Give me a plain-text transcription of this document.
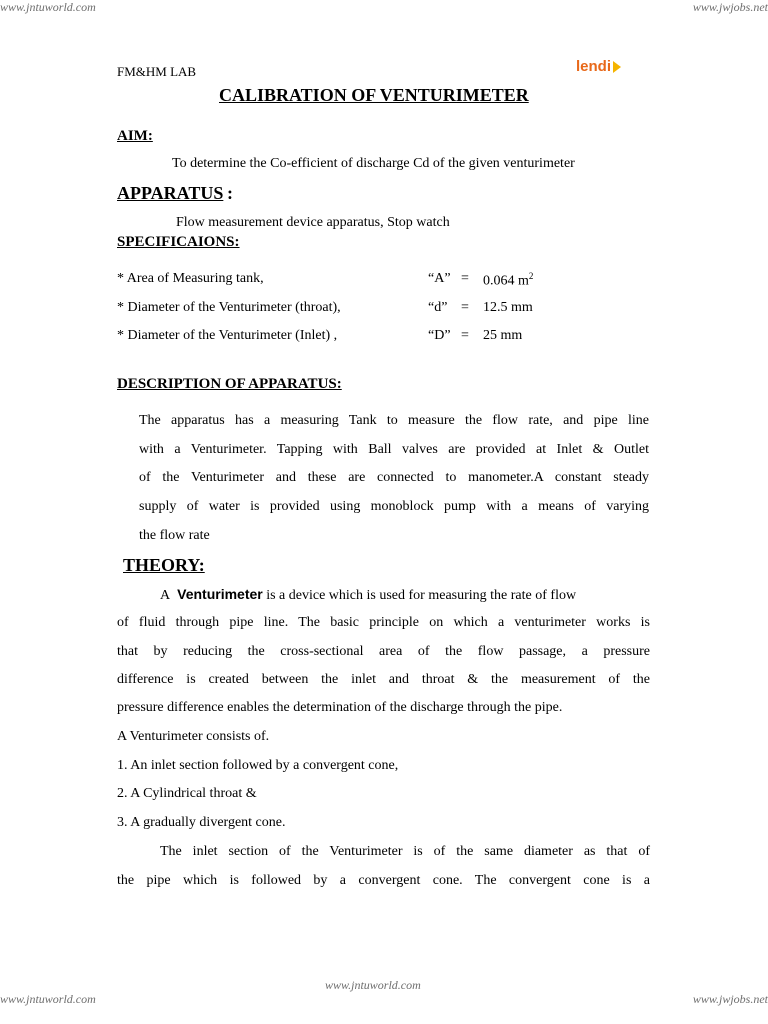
www.jntuworld.com	www.jwjobs.net
www.jntuworld.com
www.jntuworld.com	www.jwjobs.net
FM&HM LAB	lendi
CALIBRATION OF VENTURIMETER
AIM:
To determine the Co-efficient of discharge Cd of the given venturimeter
APPARATUS :
Flow measurement device apparatus, Stop watch
SPECIFICAIONS:
* Area of Measuring tank,	“A” = 0.064 $m^2$
* Diameter of the Venturimeter (throat),	“d” = 12.5 mm
* Diameter of the Venturimeter (Inlet) ,	“D” = 25 mm
DESCRIPTION OF APPARATUS:
The apparatus has a measuring Tank to measure the flow rate, and pipe line
with a Venturimeter. Tapping with Ball valves are provided at Inlet & Outlet
of the Venturimeter and these are connected to manometer.A constant steady
supply of water is provided using monoblock pump with a means of varying
the flow rate
THEORY:
A Venturimeter is a device which is used for measuring the rate of flow
of fluid through pipe line. The basic principle on which a venturimeter works is
that by reducing the cross-sectional area of the flow passage, a pressure
difference is created between the inlet and throat & the measurement of the
pressure difference enables the determination of the discharge through the pipe.
A Venturimeter consists of.
1. An inlet section followed by a convergent cone,
2. A Cylindrical throat &
3. A gradually divergent cone.
The inlet section of the Venturimeter is of the same diameter as that of
the pipe which is followed by a convergent cone. The convergent cone is a
